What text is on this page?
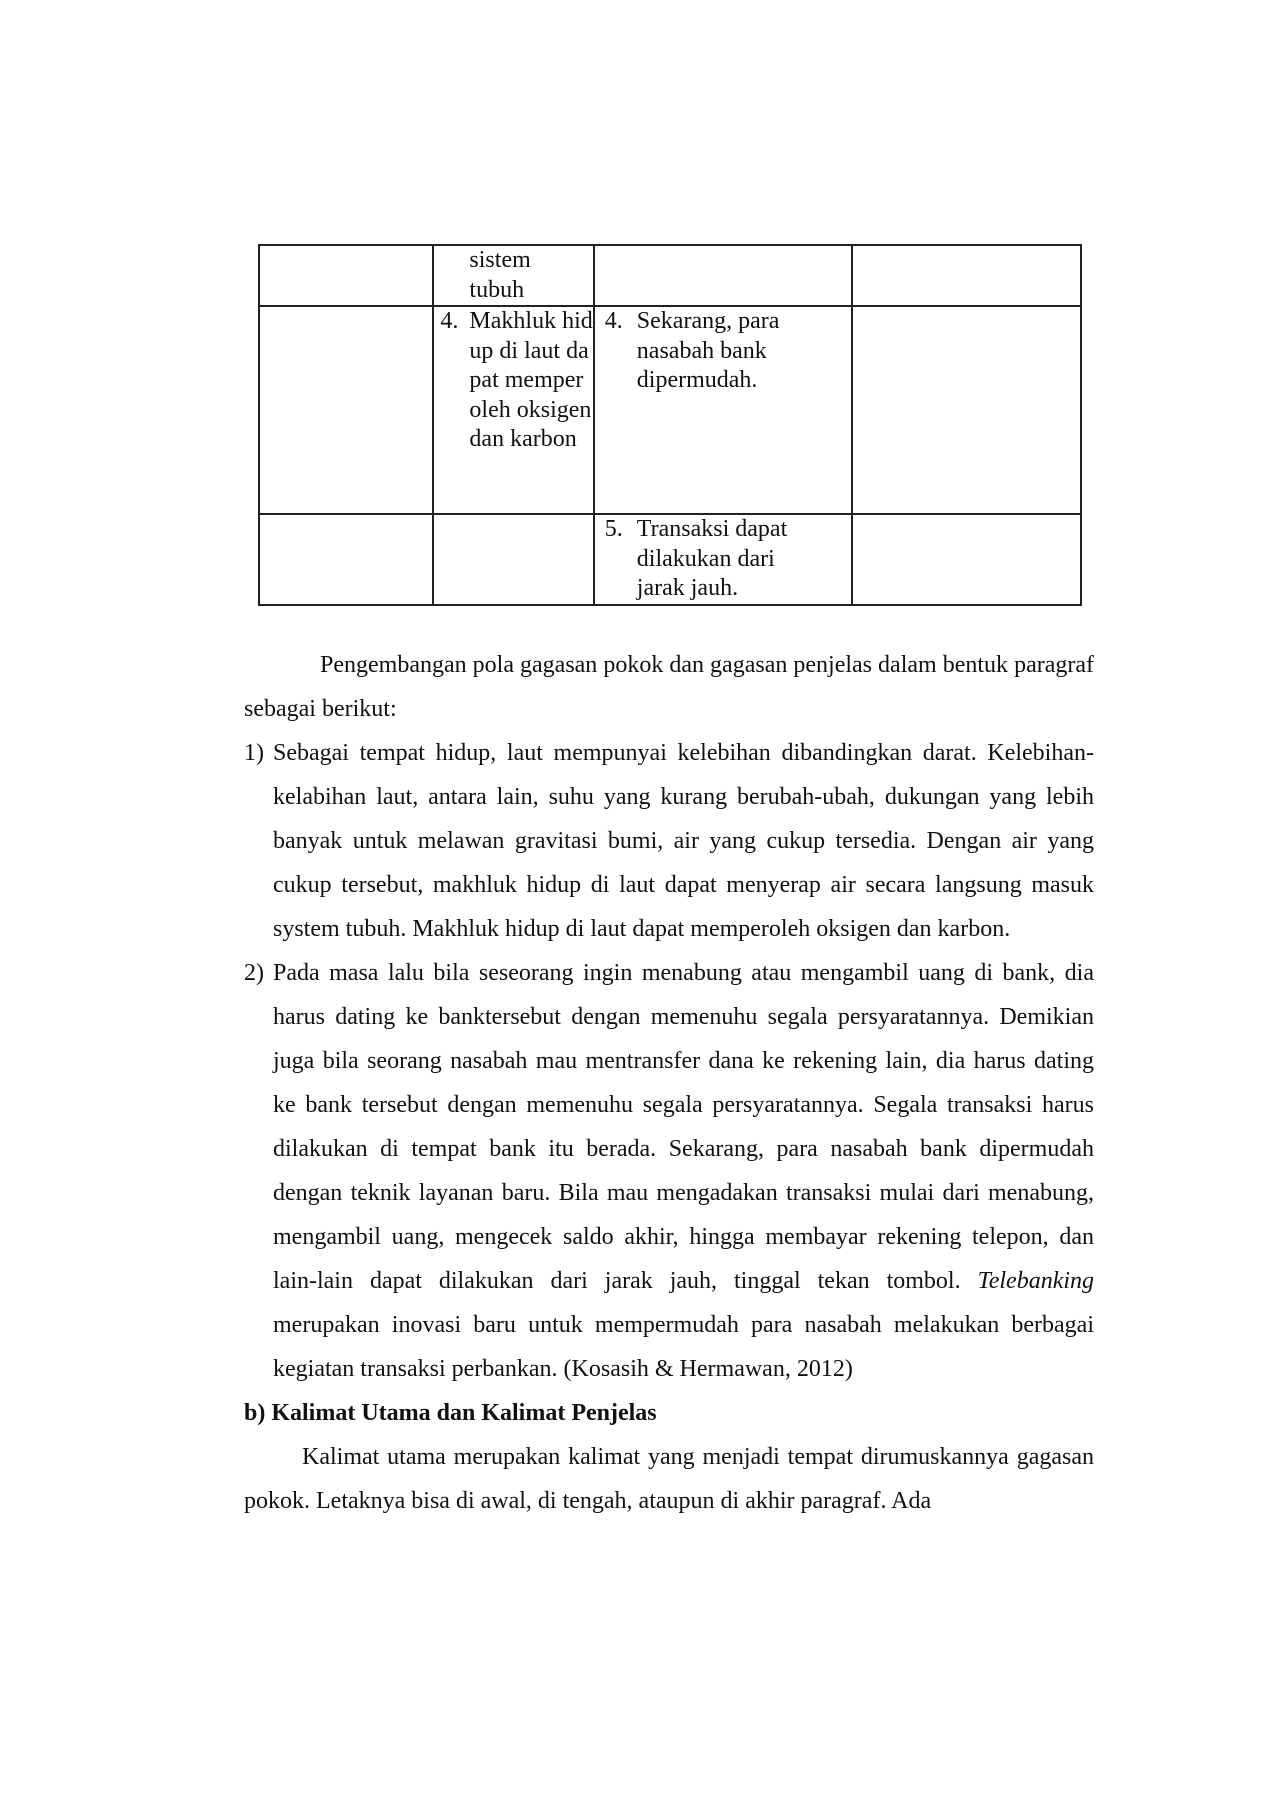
	sistem tubuh		

	4. Makhluk hidup di laut dapat memperoleh oksigen dan karbon	4. Sekarang, para nasabah bank dipermudah.	

		5. Transaksi dapat dilakukan dari jarak jauh.	

Pengembangan pola gagasan pokok dan gagasan penjelas dalam bentuk paragraf sebagai berikut:

1) Sebagai tempat hidup, laut mempunyai kelebihan dibandingkan darat. Kelebihan-kelabihan laut, antara lain, suhu yang kurang berubah-ubah, dukungan yang lebih banyak untuk melawan gravitasi bumi, air yang cukup tersedia. Dengan air yang cukup tersebut, makhluk hidup di laut dapat menyerap air secara langsung masuk system tubuh. Makhluk hidup di laut dapat memperoleh oksigen dan karbon.
2) Pada masa lalu bila seseorang ingin menabung atau mengambil uang di bank, dia harus dating ke banktersebut dengan memenuhu segala persyaratannya. Demikian juga bila seorang nasabah mau mentransfer dana ke rekening lain, dia harus dating ke bank tersebut dengan memenuhu segala persyaratannya. Segala transaksi harus dilakukan di tempat bank itu berada. Sekarang, para nasabah bank dipermudah dengan teknik layanan baru. Bila mau mengadakan transaksi mulai dari menabung, mengambil uang, mengecek saldo akhir, hingga membayar rekening telepon, dan lain-lain dapat dilakukan dari jarak jauh, tinggal tekan tombol. Telebanking merupakan inovasi baru untuk mempermudah para nasabah melakukan berbagai kegiatan transaksi perbankan. (Kosasih & Hermawan, 2012)
b) Kalimat Utama dan Kalimat Penjelas

Kalimat utama merupakan kalimat yang menjadi tempat dirumuskannya gagasan pokok. Letaknya bisa di awal, di tengah, ataupun di akhir paragraf. Ada
